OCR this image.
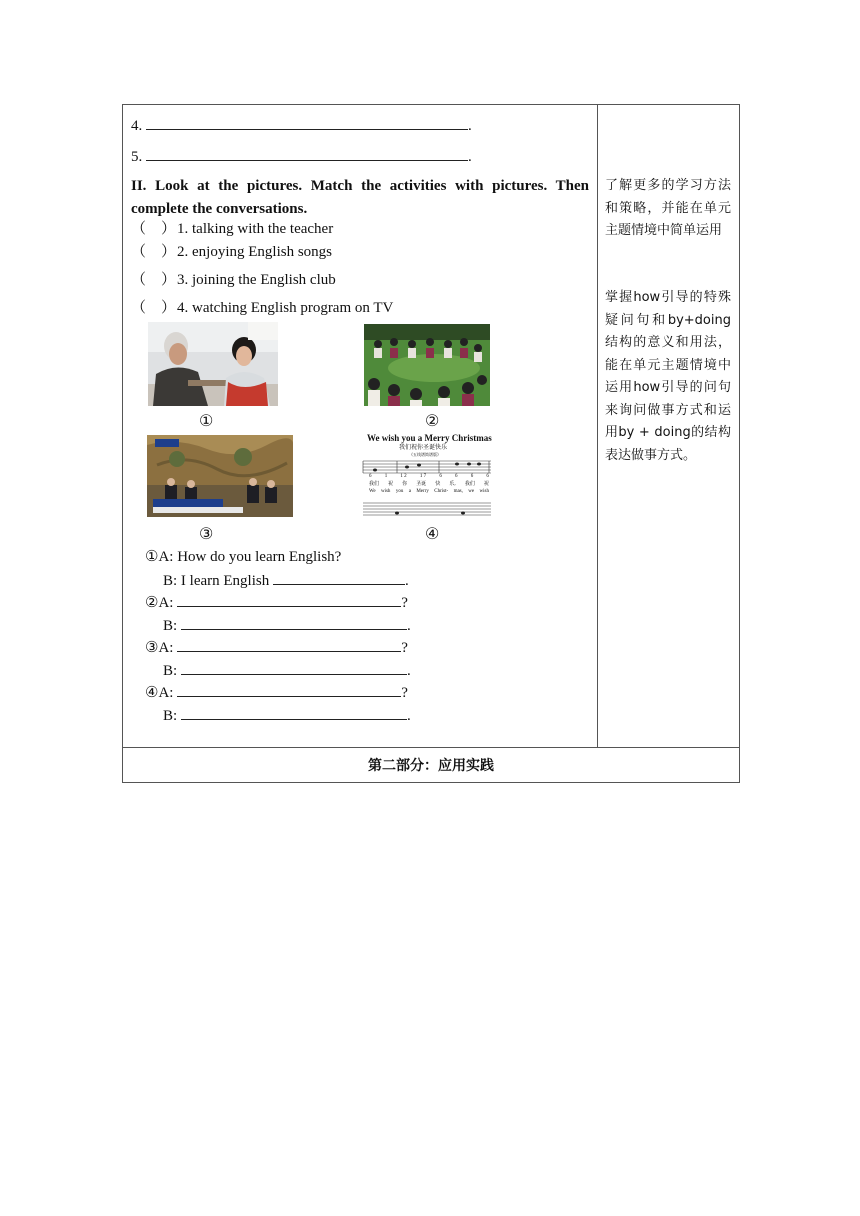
4.	.
5.	.
II. Look at the pictures. Match the activities with pictures. Then complete the conversations.
（　）1. talking with the teacher
（　）2. enjoying English songs
（　）3. joining the English club
（　）4. watching English program on TV
①	②
③
We wish you a Merry Christmas
我们祝你圣诞快乐
《五线谱简谱版》
6	1	1 2	1 7	6	6	6	6
我们 祝 你 圣诞 快 乐, 我们 祝
We wish you a Merry Christ- mas, we wish
④
①A: How do you learn English?
B: I learn English	.
②A:	?
B:	.
③A:	?
B:	.
④A:	?
B:	.
了解更多的学习方法和策略，并能在单元主题情境中简单运用
掌握how引导的特殊疑问句和by+doing结构的意义和用法，能在单元主题情境中运用how引导的问句来询问做事方式和运用by + doing的结构表达做事方式。
第二部分：应用实践
